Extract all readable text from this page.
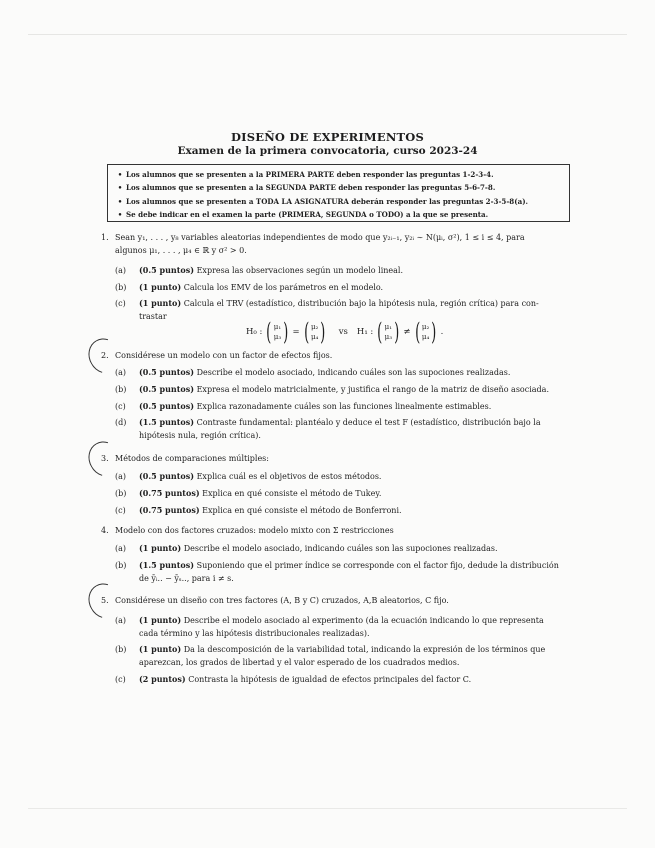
DISEÑO DE EXPERIMENTOS
Examen de la primera convocatoria, curso 2023-24
• Los alumnos que se presenten a la PRIMERA PARTE deben responder las preguntas 1-2-3-4.
• Los alumnos que se presenten a la SEGUNDA PARTE deben responder las preguntas 5-6-7-8.
• Los alumnos que se presenten a TODA LA ASIGNATURA deberán responder las preguntas 2-3-5-8(a).
• Se debe indicar en el examen la parte (PRIMERA, SEGUNDA o TODO) a la que se presenta.
1. Sean y₁, . . . , y₈ variables aleatorias independientes de modo que y₂ᵢ₋₁, y₂ᵢ ∼ N(μᵢ, σ²), 1 ≤ i ≤ 4, para
algunos μ₁, . . . , μ₄ ∈ ℝ y σ² > 0.
(a) (0.5 puntos) Expresa las observaciones según un modelo lineal.
(b) (1 punto) Calcula los EMV de los parámetros en el modelo.
(c) (1 punto) Calcula el TRV (estadístico, distribución bajo la hipótesis nula, región crítica) para con-
trastar
H₀ : ( μ₁
μ₃ ) = ( μ₂
μ₄ ) vs H₁ : ( μ₁
μ₃ ) ≠ ( μ₂
μ₄ ) .
2. Considérese un modelo con un factor de efectos fijos.
(a) (0.5 puntos) Describe el modelo asociado, indicando cuáles son las supociones realizadas.
(b) (0.5 puntos) Expresa el modelo matricialmente, y justifica el rango de la matriz de diseño asociada.
(c) (0.5 puntos) Explica razonadamente cuáles son las funciones linealmente estimables.
(d) (1.5 puntos) Contraste fundamental: plantéalo y deduce el test F (estadístico, distribución bajo la
hipótesis nula, región crítica).
3. Métodos de comparaciones múltiples:
(a) (0.5 puntos) Explica cuál es el objetivos de estos métodos.
(b) (0.75 puntos) Explica en qué consiste el método de Tukey.
(c) (0.75 puntos) Explica en qué consiste el método de Bonferroni.
4. Modelo con dos factores cruzados: modelo mixto con Σ restricciones
(a) (1 punto) Describe el modelo asociado, indicando cuáles son las supociones realizadas.
(b) (1.5 puntos) Suponiendo que el primer índice se corresponde con el factor fijo, dedude la distribución
de ȳᵢ.. − ȳₛ.., para i ≠ s.
5. Considérese un diseño con tres factores (A, B y C) cruzados, A,B aleatorios, C fijo.
(a) (1 punto) Describe el modelo asociado al experimento (da la ecuación indicando lo que representa
cada término y las hipótesis distribucionales realizadas).
(b) (1 punto) Da la descomposición de la variabilidad total, indicando la expresión de los términos que
aparezcan, los grados de libertad y el valor esperado de los cuadrados medios.
(c) (2 puntos) Contrasta la hipótesis de igualdad de efectos principales del factor C.
